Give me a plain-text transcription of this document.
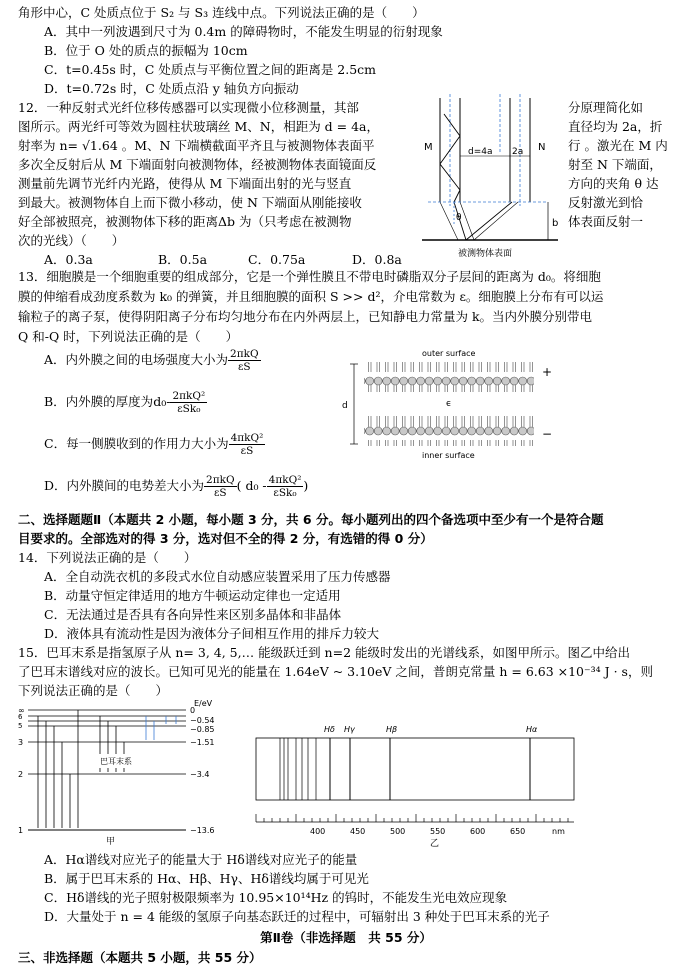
角形中心，C 处质点位于 S₂ 与 S₃ 连线中点。下列说法正确的是（　　）
A．其中一列波遇到尺寸为 0.4m 的障碍物时，不能发生明显的衍射现象
B．位于 O 处的质点的振幅为 10cm
C．t=0.45s 时，C 处质点与平衡位置之间的距离是 2.5cm
D．t=0.72s 时，C 处质点沿 y 轴负方向振动
12．一种反射式光纤位移传感器可以实现微小位移测量，其部
图所示。两光纤可等效为圆柱状玻璃丝 M、N，相距为 d = 4a，
射率为 n= √1.64 。M、N 下端横截面平齐且与被测物体表面平
多次全反射后从 M 下端面射向被测物体，经被测物体表面镜面反
测量前先调节光纤内光路，使得从 M 下端面出射的光与竖直
到最大。被测物体自上而下微小移动，使 N 下端面从刚能接收
好全部被照亮，被测物体下移的距离Δb 为（只考虑在被测物
次的光线）（　　）
分原理简化如
直径均为 2a，折
行 。激光在 M 内
射至 N 下端面，
方向的夹角 θ 达
反射激光到恰
体表面反射一
A．0.3a	B．0.5a	C．0.75a	D．0.8a
M	N
d=4a 2a
θ	b
被测物体表面
13．细胞膜是一个细胞重要的组成部分，它是一个弹性膜且不带电时磷脂双分子层间的距离为 d₀。将细胞
膜的伸缩看成劲度系数为 k₀ 的弹簧，并且细胞膜的面积 S >> d²，介电常数为 ε。细胞膜上分布有可以运
输粒子的离子泵，使得阴阳离子分布均匀地分布在内外两层上，已知静电力常量为 k。当内外膜分别带电
Q 和-Q 时，下列说法正确的是（　　）
A．内外膜之间的电场强度大小为 2πkQ
εS
B．内外膜的厚度为d₀- 2πkQ²
εSk₀
C．每一侧膜收到的作用力大小为 4πkQ²
εS
D．内外膜间的电势差大小为 2πkQ
εS ( d₀ - 4πkQ²
εSk₀ )
outer surface
+
ϵ
−
inner surface
d
二、选择题题Ⅱ（本题共 2 小题，每小题 3 分，共 6 分。每小题列出的四个备选项中至少有一个是符合题
目要求的。全部选对的得 3 分，选对但不全的得 2 分，有选错的得 0 分）
14．下列说法正确的是（　　）
A．全自动洗衣机的多段式水位自动感应装置采用了压力传感器
B．动量守恒定律适用的地方牛顿运动定律也一定适用
C．无法通过是否具有各向异性来区别多晶体和非晶体
D．液体具有流动性是因为液体分子间相互作用的排斥力较大
15．巴耳末系是指氢原子从 n= 3, 4, 5,… 能级跃迁到 n=2 能级时发出的光谱线系，如图甲所示。图乙中给出
了巴耳末谱线对应的波长。已知可见光的能量在 1.64eV ~ 3.10eV 之间，普朗克常量 h = 6.63 ×10⁻³⁴ J · s，则
下列说法正确的是（　　）
E/eV
∞	0
6	−0.54
5	−0.85
3	−1.51
2	−3.4
1	−13.6
巴耳末系
甲
Hδ Hγ	Hβ	Hα
400	450	500	550	600	650	nm
乙
A．Hα谱线对应光子的能量大于 Hδ谱线对应光子的能量
B．属于巴耳末系的 Hα、Hβ、Hγ、Hδ谱线均属于可见光
C．Hδ谱线的光子照射极限频率为 10.95×10¹⁴Hz 的钨时，不能发生光电效应现象
D．大量处于 n = 4 能级的氢原子向基态跃迁的过程中，可辐射出 3 种处于巴耳末系的光子
第Ⅱ卷（非选择题　共 55 分）
三、非选择题（本题共 5 小题，共 55 分）
